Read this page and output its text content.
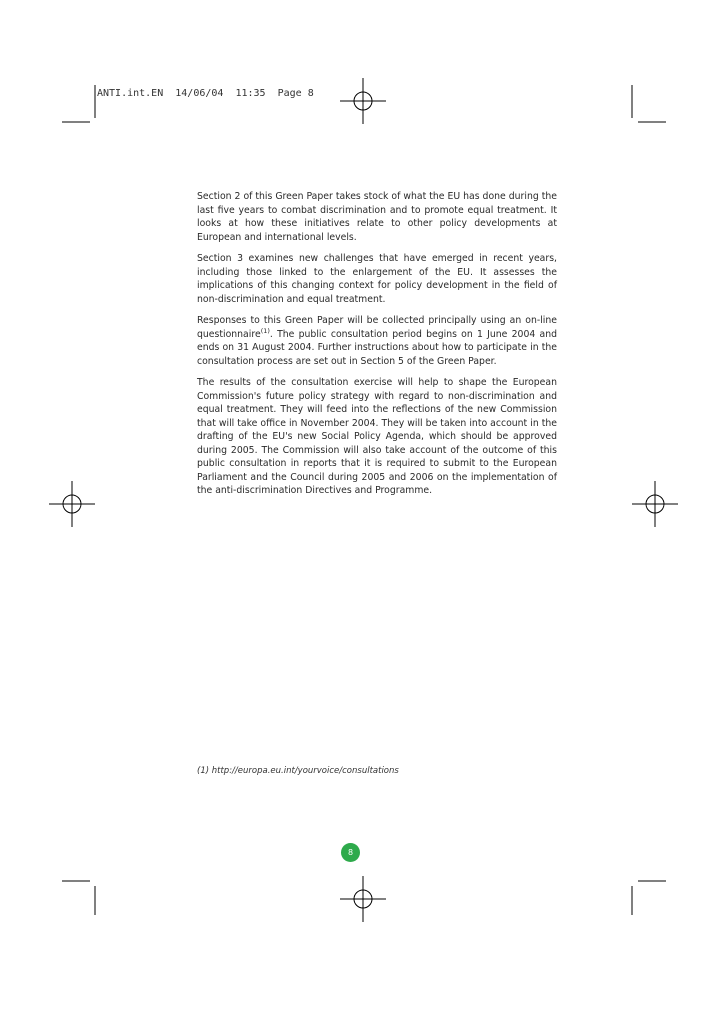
ANTI.int.EN  14/06/04  11:35  Page 8

Section 2 of this Green Paper takes stock of what the EU has done during the last five years to combat discrimination and to promote equal treatment. It looks at how these initiatives relate to other policy developments at European and international levels.

Section 3 examines new challenges that have emerged in recent years, including those linked to the enlargement of the EU. It assesses the implications of this changing context for policy development in the field of non-discrimination and equal treatment.

Responses to this Green Paper will be collected principally using an on-line questionnaire$^{(1)}$. The public consultation period begins on 1 June 2004 and ends on 31 August 2004. Further instructions about how to participate in the consultation process are set out in Section 5 of the Green Paper.

The results of the consultation exercise will help to shape the European Commission's future policy strategy with regard to non-discrimination and equal treatment. They will feed into the reflections of the new Commission that will take office in November 2004. They will be taken into account in the drafting of the EU's new Social Policy Agenda, which should be approved during 2005. The Commission will also take account of the outcome of this public consultation in reports that it is required to submit to the European Parliament and the Council during 2005 and 2006 on the implementation of the anti-discrimination Directives and Programme.

(1) http://europa.eu.int/yourvoice/consultations
8
